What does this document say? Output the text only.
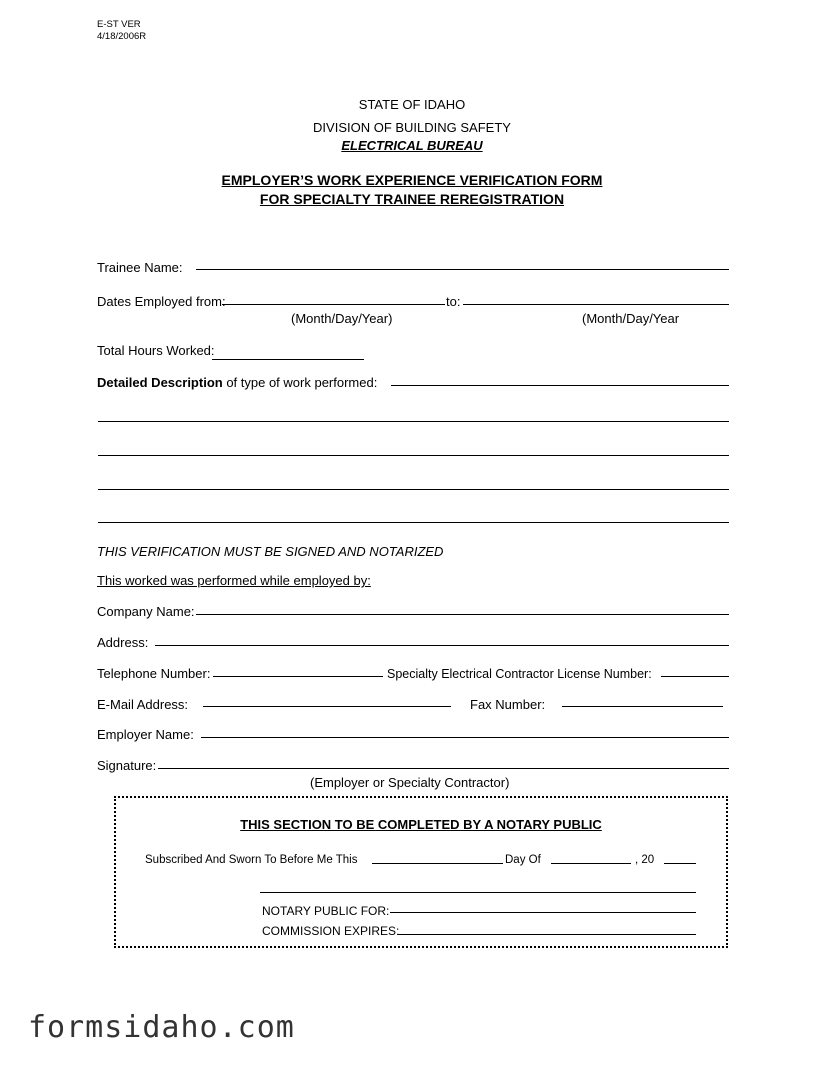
E-ST VER
4/18/2006R
STATE OF IDAHO
DIVISION OF BUILDING SAFETY
ELECTRICAL BUREAU
EMPLOYER’S WORK EXPERIENCE VERIFICATION FORM
FOR SPECIALTY TRAINEE REREGISTRATION
Trainee Name:
Dates Employed from:	to:
(Month/Day/Year)	(Month/Day/Year
Total Hours Worked:
Detailed Description of type of work performed:
THIS VERIFICATION MUST BE SIGNED AND NOTARIZED
This worked was performed while employed by:
Company Name:
Address:
Telephone Number:	Specialty Electrical Contractor License Number:
E-Mail Address:	Fax Number:
Employer Name:
Signature:
(Employer or Specialty Contractor)
THIS SECTION TO BE COMPLETED BY A NOTARY PUBLIC
Subscribed And Sworn To Before Me This	Day Of	, 20
NOTARY PUBLIC FOR:
COMMISSION EXPIRES:
formsidaho.com
